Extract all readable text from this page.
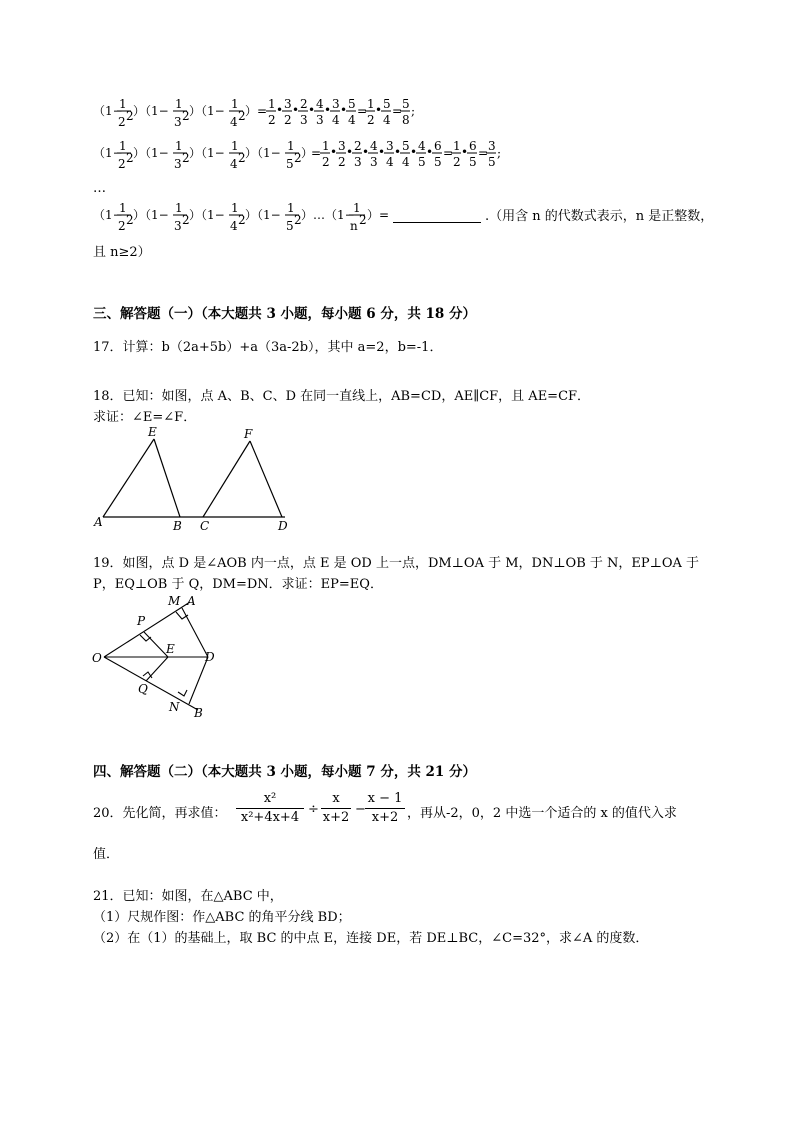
（1−
1
2 2 ）（1− 1
3 2 ）（1− 1
4 2 ） = 1
2
• 3
2
• 2
3
• 4
3
• 3
4
• 5
4
= 1
2
• 5
4
= 5
8
;
（1−
1
2 2 ）（1− 1
3 2 ）（1− 1
4 2 ）（1− 1
5 2 ）
= 1
2
• 3
2
• 2
3
• 4
3
• 3
4
• 5
4
• 4
5
• 6
5
= 1
2
• 6
5
= 3
5
;
…
（1−
1
2 2 ）（1− 1
3 2 ）（1− 1
4 2 ）（1− 1
5 2 ）…（1−
1
n 2 ）=	.（用含 n 的代数式表示，n 是正整数，
且 n≥2）
三、解答题（一）（本大题共 3 小题，每小题 6 分，共 18 分）
17．计算：b（2a+5b）+a（3a-2b），其中 a=2，b=-1．
18．已知：如图，点 A、B、C、D 在同一直线上，AB=CD，AE∥CF，且 AE=CF．
求证：∠E=∠F．
E	F
A	B C	D
19．如图，点 D 是∠AOB 内一点，点 E 是 OD 上一点，DM⊥OA 于 M，DN⊥OB 于 N，EP⊥OA 于
P，EQ⊥OB 于 Q，DM=DN．求证：EP=EQ．
M A
P
O
E
D
Q
N B
四、解答题（二）（本大题共 3 小题，每小题 7 分，共 21 分）
20．先化简，再求值：
x²
x²+4x+4
÷
x
x+2
−
x − 1
x+2 ，再从-2，0，2 中选一个适合的 x 的值代入求
值．
21．已知：如图，在△ABC 中，
（1）尺规作图：作△ABC 的角平分线 BD；
（2）在（1）的基础上，取 BC 的中点 E，连接 DE，若 DE⊥BC，∠C=32°，求∠A 的度数．
